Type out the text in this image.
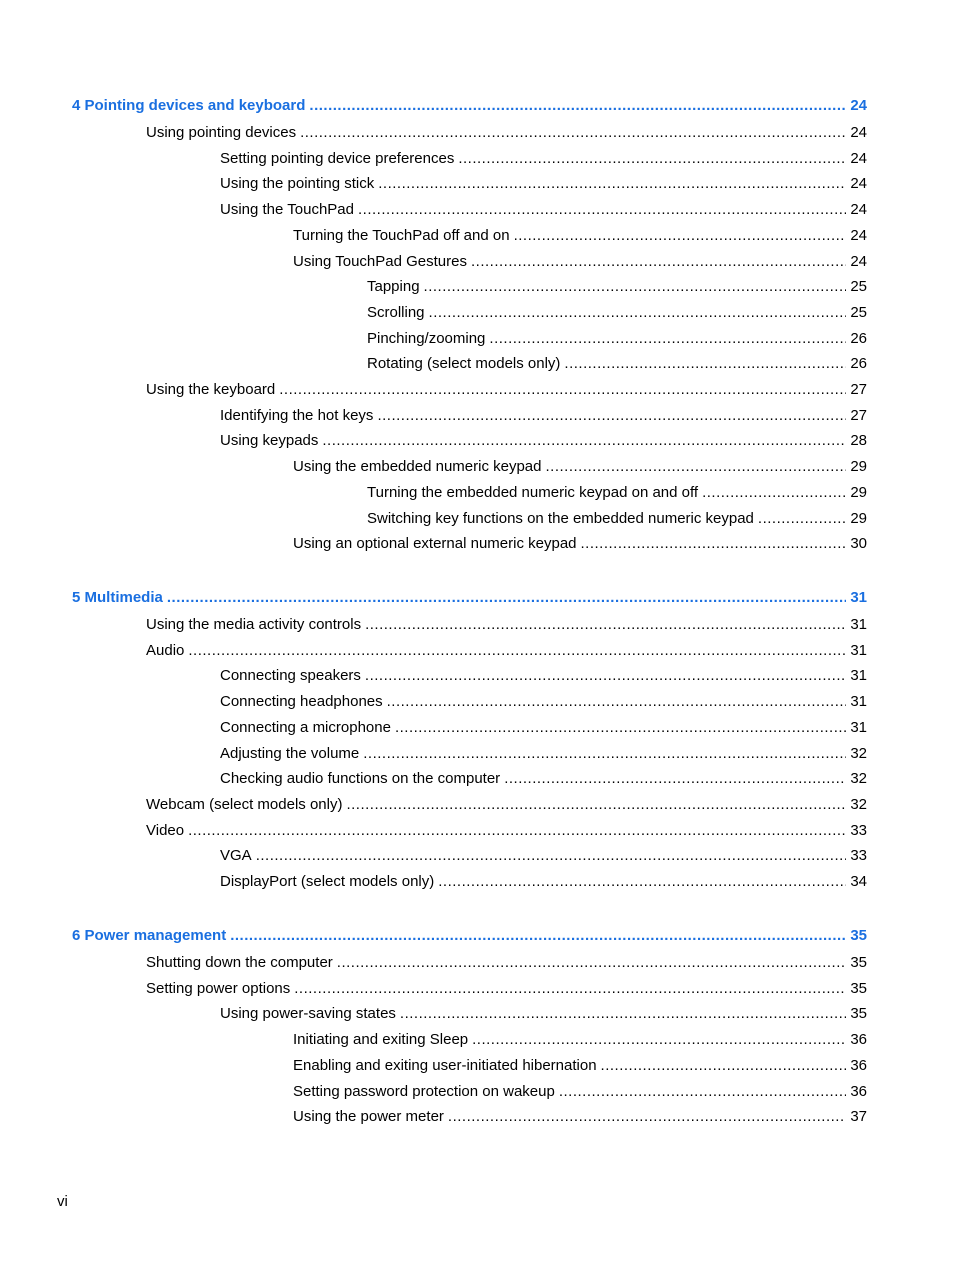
4 Pointing devices and keyboard .....	24
Using pointing devices .....	24
Setting pointing device preferences .....	24
Using the pointing stick .....	24
Using the TouchPad .....	24
Turning the TouchPad off and on .....	24
Using TouchPad Gestures .....	24
Tapping .....	25
Scrolling .....	25
Pinching/zooming .....	26
Rotating (select models only) .....	26
Using the keyboard .....	27
Identifying the hot keys .....	27
Using keypads .....	28
Using the embedded numeric keypad .....	29
Turning the embedded numeric keypad on and off .....	29
Switching key functions on the embedded numeric keypad .....	29
Using an optional external numeric keypad .....	30
5 Multimedia .....	31
Using the media activity controls .....	31
Audio .....	31
Connecting speakers .....	31
Connecting headphones .....	31
Connecting a microphone .....	31
Adjusting the volume .....	32
Checking audio functions on the computer .....	32
Webcam (select models only) .....	32
Video .....	33
VGA .....	33
DisplayPort (select models only) .....	34
6 Power management .....	35
Shutting down the computer .....	35
Setting power options .....	35
Using power-saving states .....	35
Initiating and exiting Sleep .....	36
Enabling and exiting user-initiated hibernation .....	36
Setting password protection on wakeup .....	36
Using the power meter .....	37
vi
